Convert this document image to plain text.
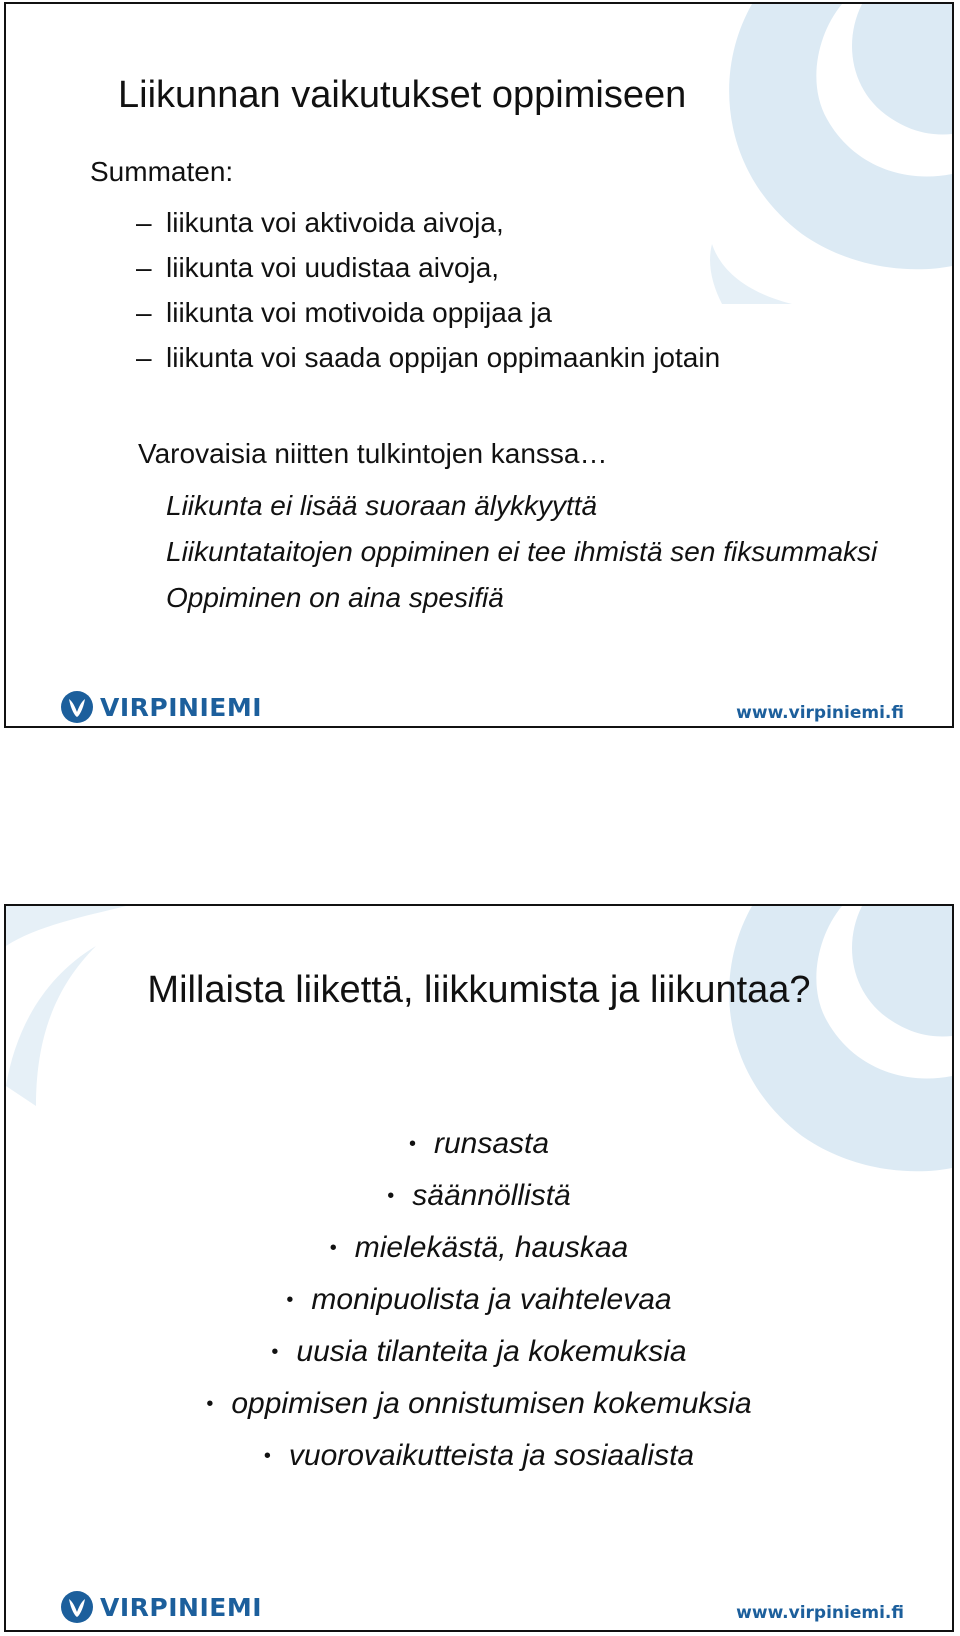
Liikunnan vaikutukset oppimiseen
Summaten:
– liikunta voi aktivoida aivoja,
– liikunta voi uudistaa aivoja,
– liikunta voi motivoida oppijaa ja
– liikunta voi saada oppijan oppimaankin jotain
Varovaisia niitten tulkintojen kanssa…
Liikunta ei lisää suoraan älykkyyttä
Liikuntataitojen oppiminen ei tee ihmistä sen fiksummaksi
Oppiminen on aina spesifiä
VIRPINIEMI	www.virpiniemi.fi
Millaista liikettä, liikkumista ja liikuntaa?
• runsasta
• säännöllistä
• mielekästä, hauskaa
• monipuolista ja vaihtelevaa
• uusia tilanteita ja kokemuksia
• oppimisen ja onnistumisen kokemuksia
• vuorovaikutteista ja sosiaalista
VIRPINIEMI	www.virpiniemi.fi
